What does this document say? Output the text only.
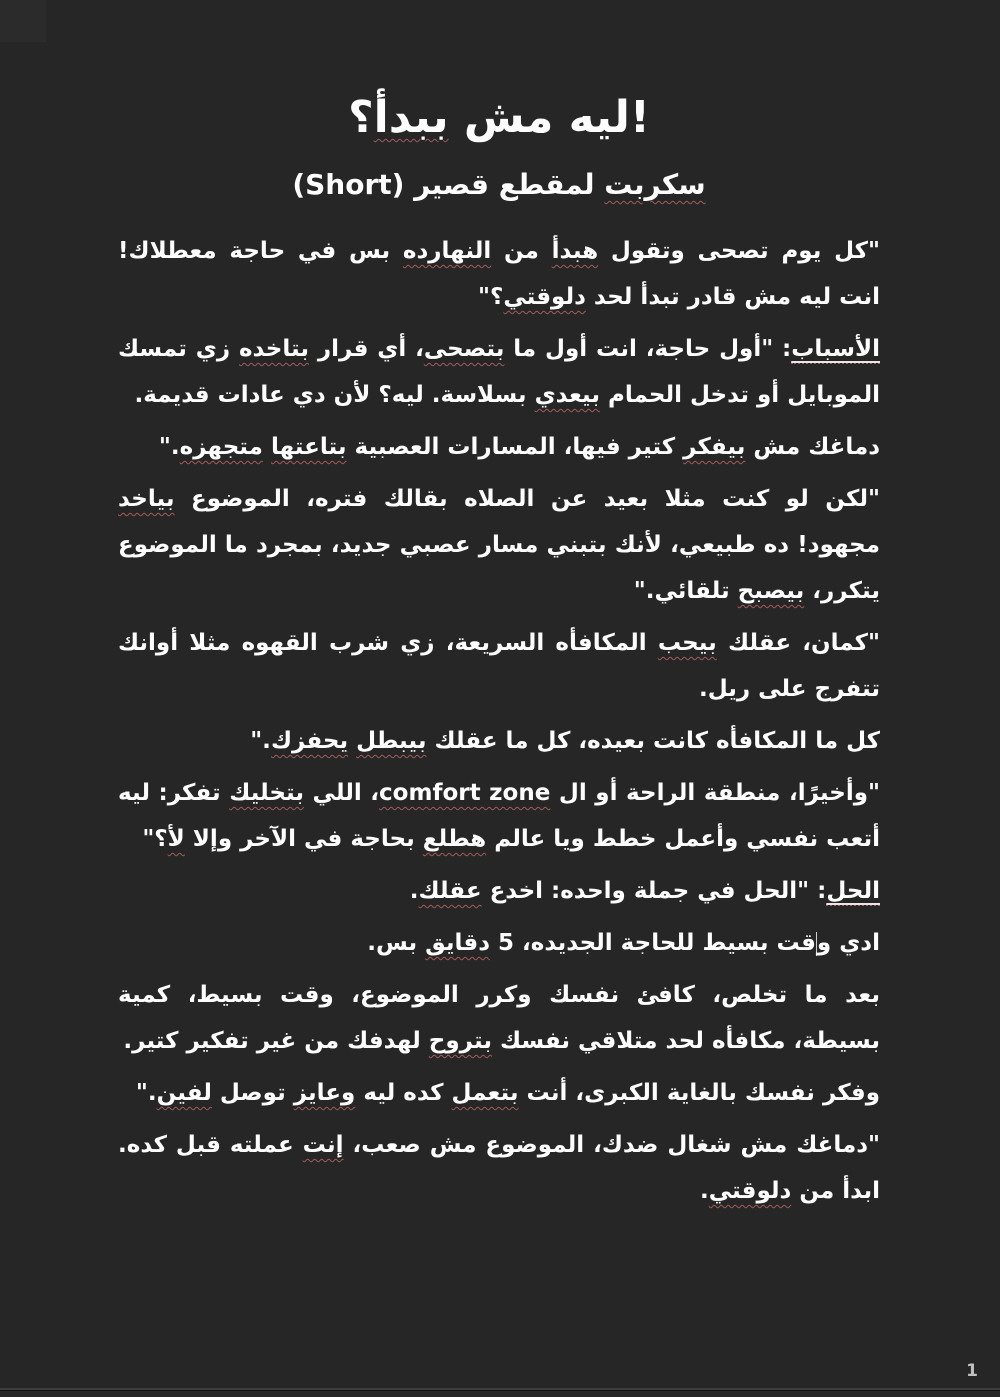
!ليه مش ببدأ؟
سكربت لمقطع قصير (Short)

"كل يوم تصحى وتقول هبدأ من النهارده بس في حاجة معطلاك! انت ليه مش قادر تبدأ لحد دلوقتي؟"

الأسباب: "أول حاجة، انت أول ما بتصحى، أي قرار بتاخده زي تمسك الموبايل أو تدخل الحمام بيعدي بسلاسة. ليه؟ لأن دي عادات قديمة.

دماغك مش بيفكر كتير فيها، المسارات العصبية بتاعتها متجهزه."

"لكن لو كنت مثلا بعيد عن الصلاه بقالك فتره، الموضوع بياخد مجهود! ده طبيعي، لأنك بتبني مسار عصبي جديد، بمجرد ما الموضوع يتكرر، بيصبح تلقائي."

"كمان، عقلك بيحب المكافأه السريعة، زي شرب القهوه مثلا أوانك تتفرج على ريل.

كل ما المكافأه كانت بعيده، كل ما عقلك بيبطل يحفزك."

"وأخيرًا، منطقة الراحة أو ال comfort zone، اللي بتخليك تفكر: ليه أتعب نفسي وأعمل خطط ويا عالم هطلع بحاجة في الآخر وإلا لأ؟"

الحل: "الحل في جملة واحده: اخدع عقلك.

ادي وقت بسيط للحاجة الجديده، 5 دقايق بس.

بعد ما تخلص، كافئ نفسك وكرر الموضوع، وقت بسيط، كمية بسيطة، مكافأه لحد متلاقي نفسك بتروح لهدفك من غير تفكير كتير.

وفكر نفسك بالغاية الكبرى، أنت بتعمل كده ليه وعايز توصل لفين."

"دماغك مش شغال ضدك، الموضوع مش صعب، إنت عملته قبل كده. ابدأ من دلوقتي.

1
